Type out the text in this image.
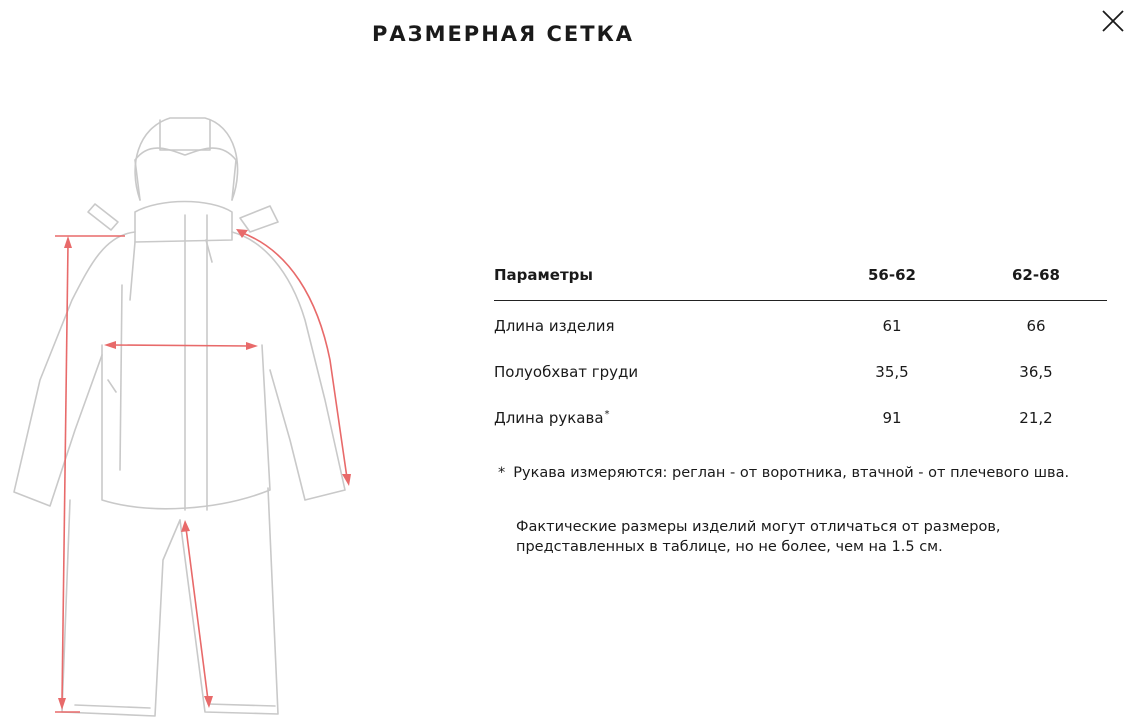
РАЗМЕРНАЯ СЕТКА
Параметры	56-62	62-68
Длина изделия	61	66
Полуобхват груди	35,5	36,5
Длина рукава*	91	21,2
* Рукава измеряются: реглан - от воротника, втачной - от плечевого шва.
Фактические размеры изделий могут отличаться от размеров,
представленных в таблице, но не более, чем на 1.5 см.
